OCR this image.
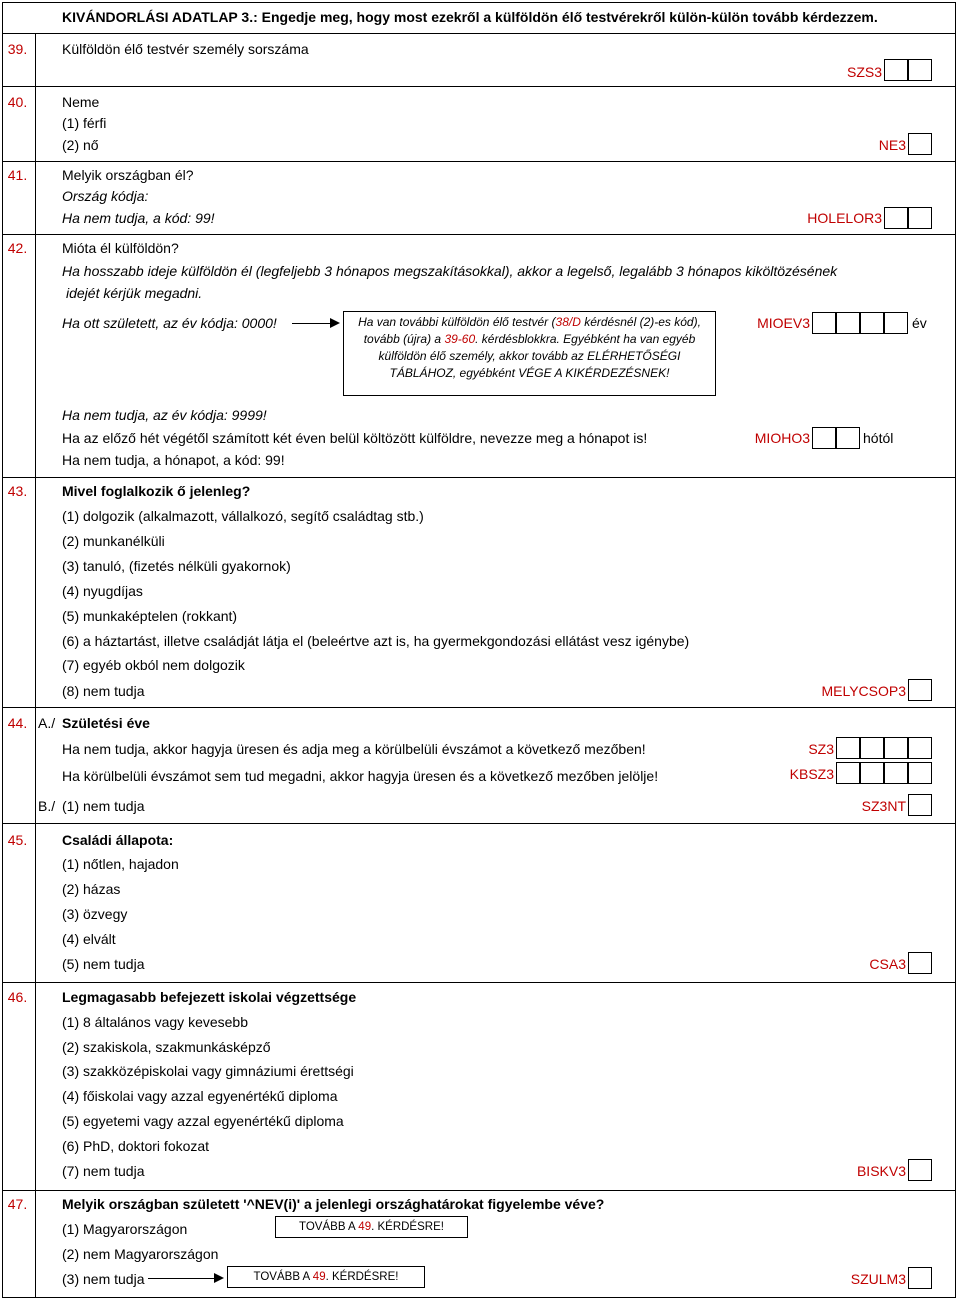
KIVÁNDORLÁSI ADATLAP 3.: Engedje meg, hogy most ezekről a külföldön élő testvérekről külön-külön tovább kérdezzem.
39.	Külföldön élő testvér személy sorszáma
SZS3
40.	Neme
(1) férfi
(2) nő	NE3
41.	Melyik országban él?
Ország kódja:
Ha nem tudja, a kód: 99!	HOLELOR3
42.	Mióta él külföldön?
Ha hosszabb ideje külföldön él (legfeljebb 3 hónapos megszakításokkal), akkor a legelső, legalább 3 hónapos kiköltözésének
idejét kérjük megadni.
Ha ott született, az év kódja: 0000!	Ha van további külföldön élő testvér (38/D kérdésnél (2)-es kód), tovább (újra) a 39-60. kérdésblokkra. Egyébként ha van egyéb külföldön élő személy, akkor tovább az ELÉRHETŐSÉGI TÁBLÁHOZ, egyébként VÉGE A KIKÉRDEZÉSNEK!
MIOEV3	év
Ha nem tudja, az év kódja: 9999!
Ha az előző hét végétől számított két éven belül költözött külföldre, nevezze meg a hónapot is!	MIOHO3	hótól
Ha nem tudja, a hónapot, a kód: 99!
43.	Mivel foglalkozik ő jelenleg?
(1) dolgozik (alkalmazott, vállalkozó, segítő családtag stb.)
(2) munkanélküli
(3) tanuló, (fizetés nélküli gyakornok)
(4) nyugdíjas
(5) munkaképtelen (rokkant)
(6) a háztartást, illetve családját látja el (beleértve azt is, ha gyermekgondozási ellátást vesz igénybe)
(7) egyéb okból nem dolgozik
(8) nem tudja	MELYCSOP3
44. A./ Születési éve
Ha nem tudja, akkor hagyja üresen és adja meg a körülbelüli évszámot a következő mezőben!	SZ3
Ha körülbelüli évszámot sem tud megadni, akkor hagyja üresen és a következő mezőben jelölje!	KBSZ3
B./ (1) nem tudja	SZ3NT
45.	Családi állapota:
(1) nőtlen, hajadon
(2) házas
(3) özvegy
(4) elvált
(5) nem tudja	CSA3
46.	Legmagasabb befejezett iskolai végzettsége
(1) 8 általános vagy kevesebb
(2) szakiskola, szakmunkásképző
(3) szakközépiskolai vagy gimnáziumi érettségi
(4) főiskolai vagy azzal egyenértékű diploma
(5) egyetemi vagy azzal egyenértékű diploma
(6) PhD, doktori fokozat
(7) nem tudja	BISKV3
47.	Melyik országban született '^NEV(i)' a jelenlegi országhatárokat figyelembe véve?
(1) Magyarországon	TOVÁBB A 49. KÉRDÉSRE!
(2) nem Magyarországon
(3) nem tudja	TOVÁBB A 49. KÉRDÉSRE!	SZULM3
